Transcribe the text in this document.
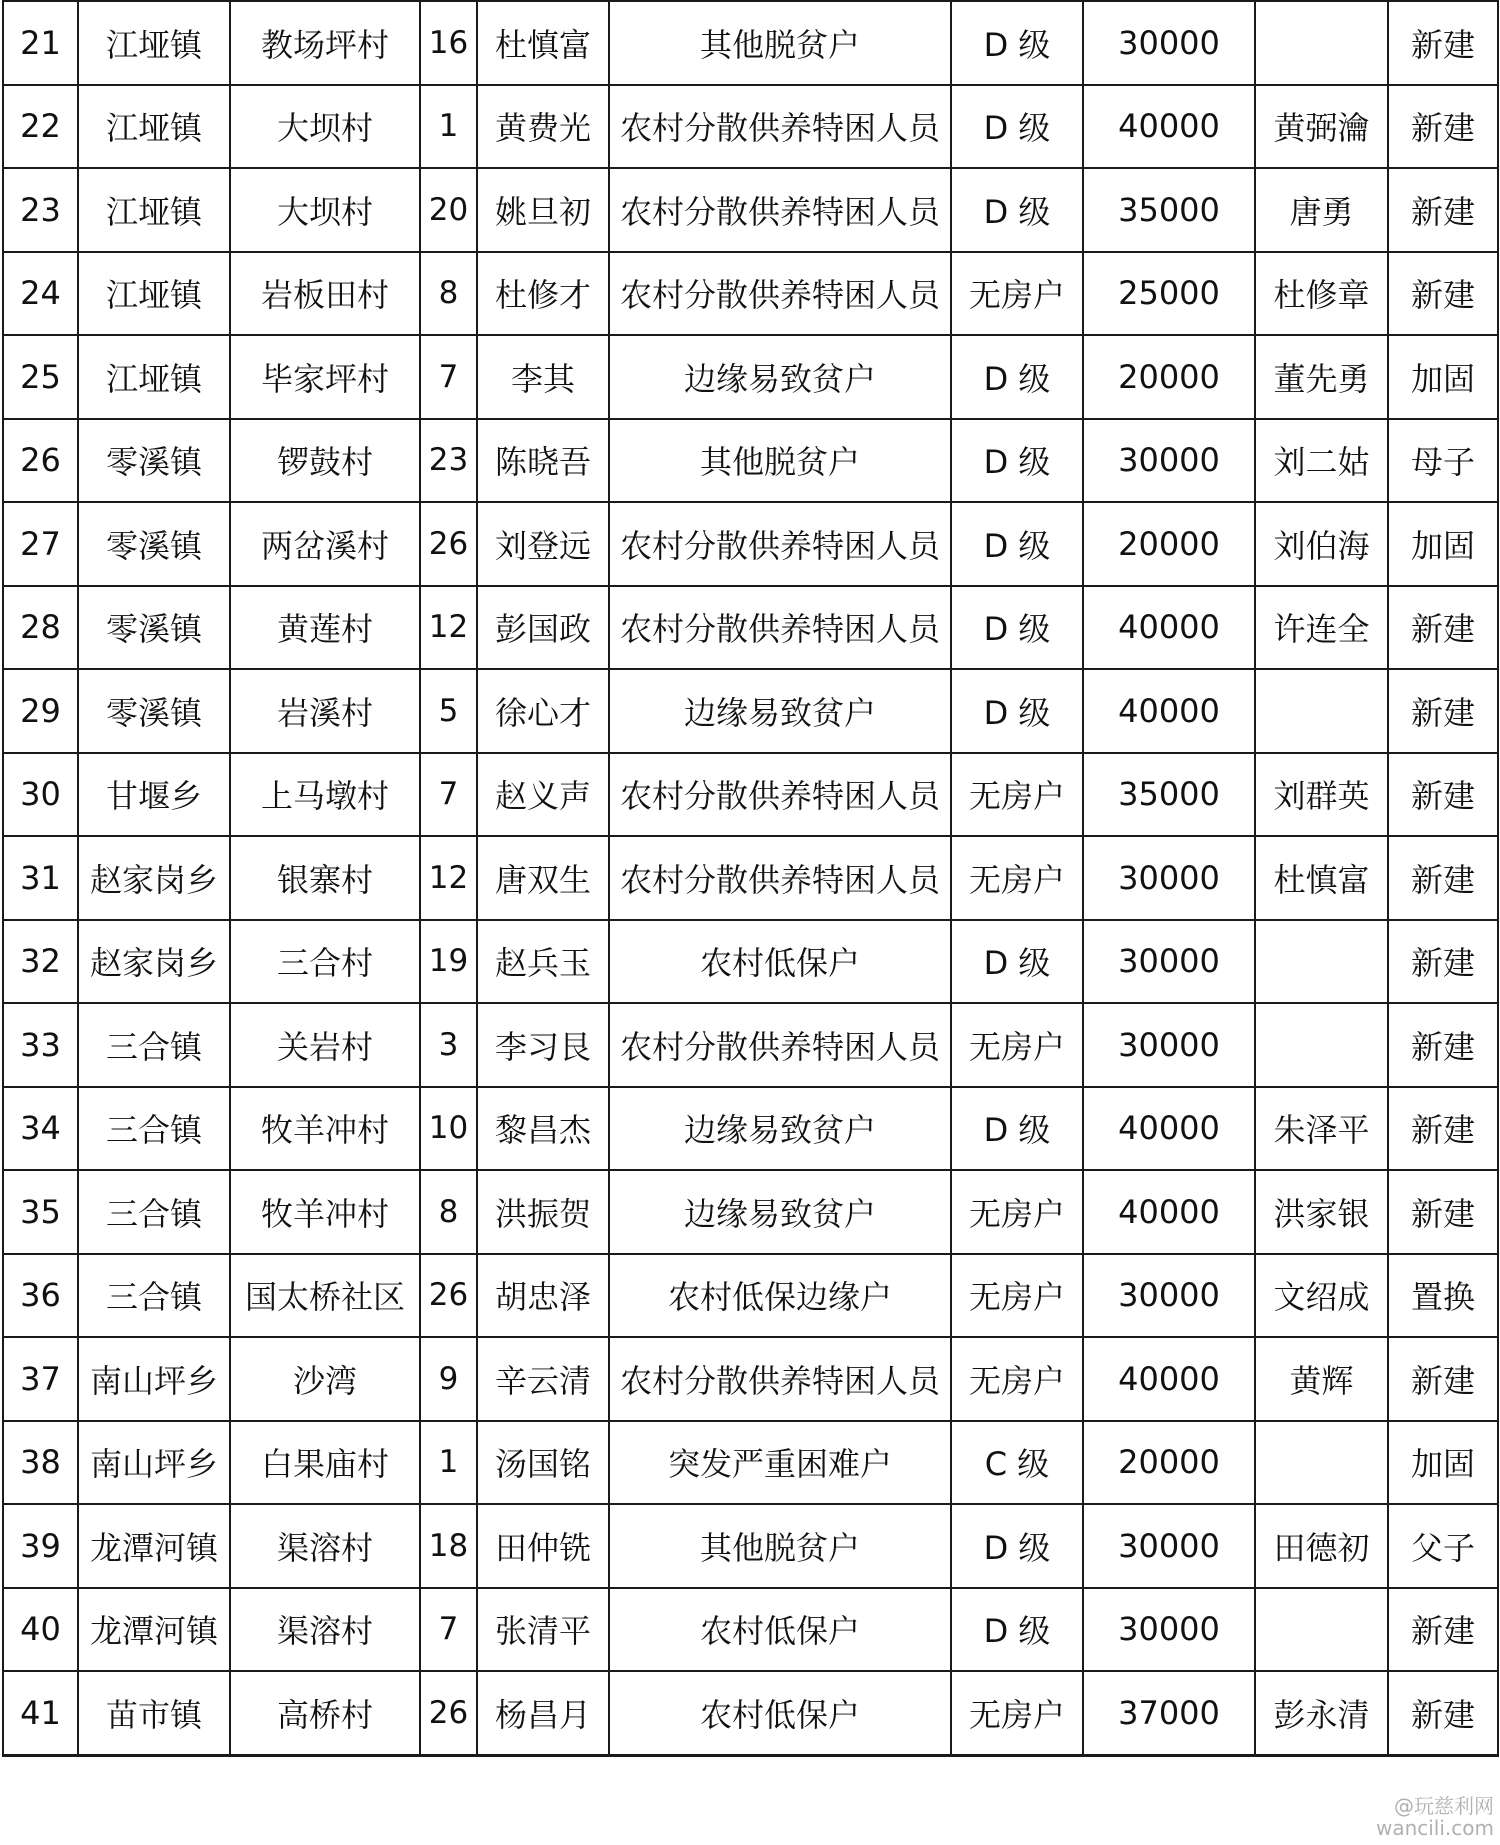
21	江垭镇	教场坪村	16	杜慎富	其他脱贫户	D 级	30000		新建
22	江垭镇	大坝村	1	黄费光	农村分散供养特困人员	D 级	40000	黄弼瀹	新建
23	江垭镇	大坝村	20	姚旦初	农村分散供养特困人员	D 级	35000	唐勇	新建
24	江垭镇	岩板田村	8	杜修才	农村分散供养特困人员	无房户	25000	杜修章	新建
25	江垭镇	毕家坪村	7	李其	边缘易致贫户	D 级	20000	董先勇	加固
26	零溪镇	锣鼓村	23	陈晓吾	其他脱贫户	D 级	30000	刘二姑	母子
27	零溪镇	两岔溪村	26	刘登远	农村分散供养特困人员	D 级	20000	刘伯海	加固
28	零溪镇	黄莲村	12	彭国政	农村分散供养特困人员	D 级	40000	许连全	新建
29	零溪镇	岩溪村	5	徐心才	边缘易致贫户	D 级	40000		新建
30	甘堰乡	上马墩村	7	赵义声	农村分散供养特困人员	无房户	35000	刘群英	新建
31	赵家岗乡	银寨村	12	唐双生	农村分散供养特困人员	无房户	30000	杜慎富	新建
32	赵家岗乡	三合村	19	赵兵玉	农村低保户	D 级	30000		新建
33	三合镇	关岩村	3	李习艮	农村分散供养特困人员	无房户	30000		新建
34	三合镇	牧羊冲村	10	黎昌杰	边缘易致贫户	D 级	40000	朱泽平	新建
35	三合镇	牧羊冲村	8	洪振贺	边缘易致贫户	无房户	40000	洪家银	新建
36	三合镇	国太桥社区	26	胡忠泽	农村低保边缘户	无房户	30000	文绍成	置换
37	南山坪乡	沙湾	9	辛云清	农村分散供养特困人员	无房户	40000	黄辉	新建
38	南山坪乡	白果庙村	1	汤国铭	突发严重困难户	C 级	20000		加固
39	龙潭河镇	渠溶村	18	田仲铣	其他脱贫户	D 级	30000	田德初	父子
40	龙潭河镇	渠溶村	7	张清平	农村低保户	D 级	30000		新建
41	苗市镇	高桥村	26	杨昌月	农村低保户	无房户	37000	彭永清	新建
@玩慈利网
wancili.com
